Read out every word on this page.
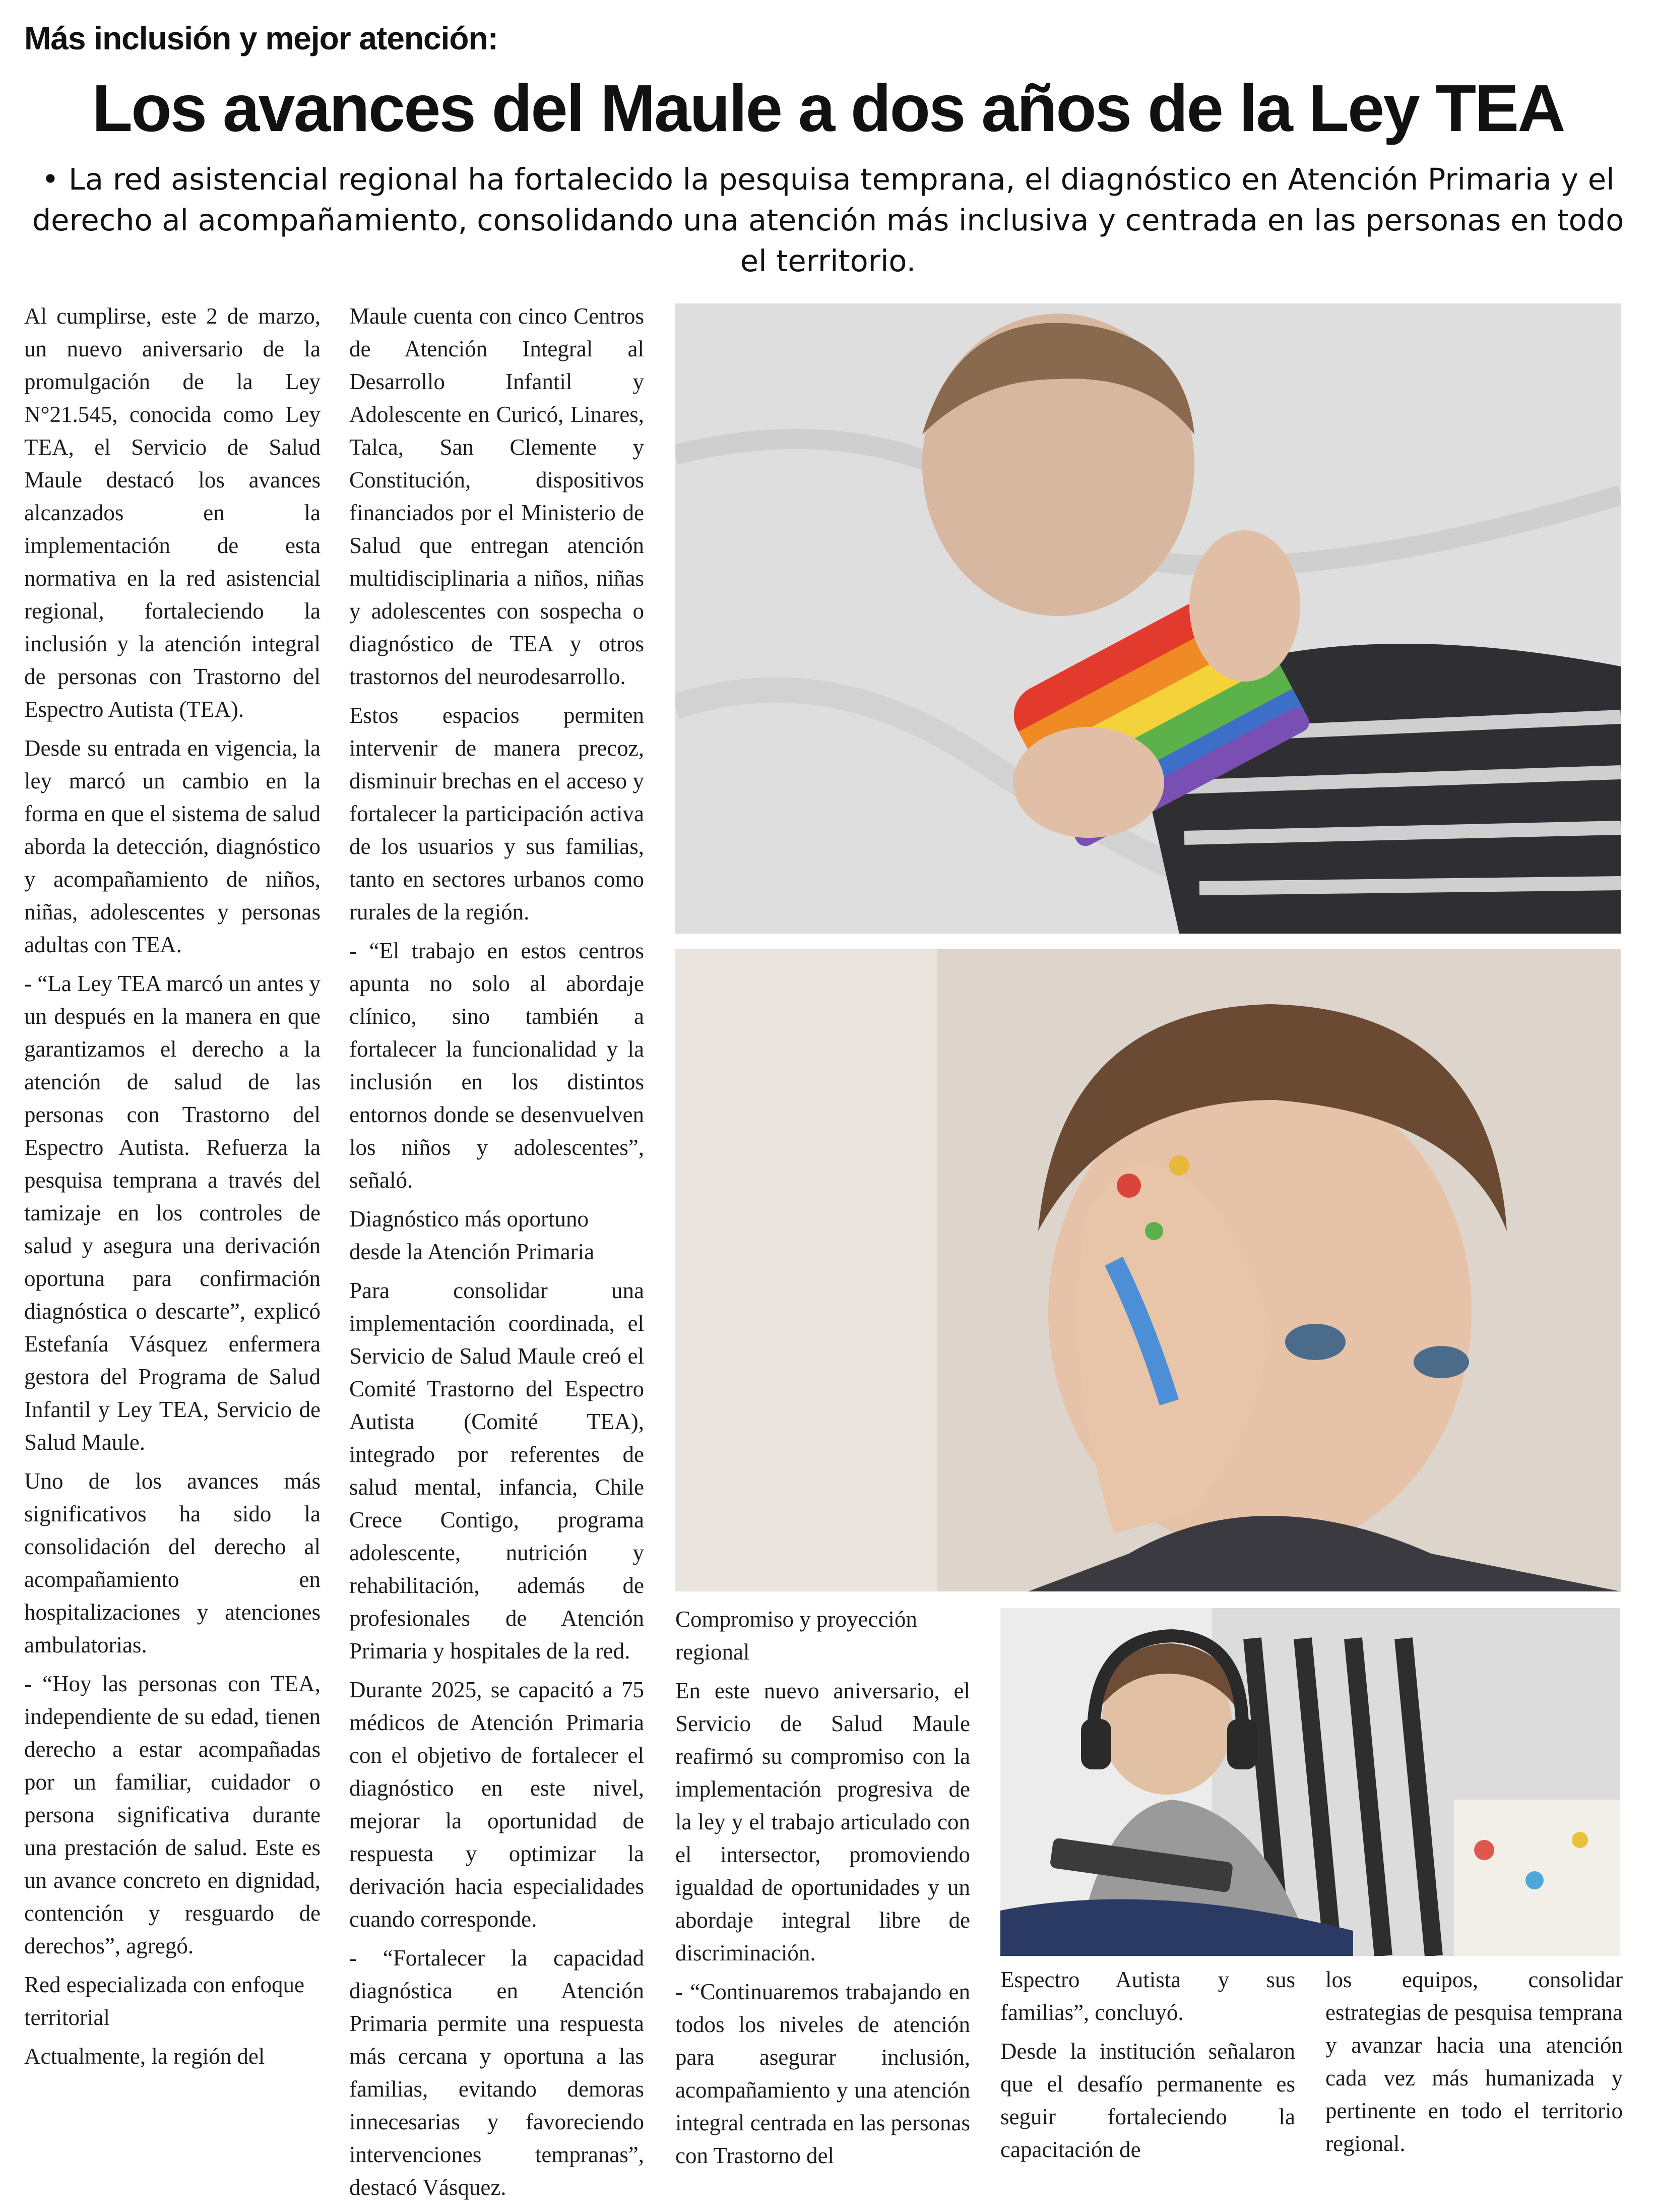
Más inclusión y mejor atención:
Los avances del Maule a dos años de la Ley TEA
• La red asistencial regional ha fortalecido la pesquisa temprana, el diagnóstico en Atención Primaria y el derecho al acompañamiento, consolidando una atención más inclusiva y centrada en las personas en todo el territorio.

Al cumplirse, este 2 de marzo, un nuevo aniversario de la promulgación de la Ley N°21.545, conocida como Ley TEA, el Servicio de Salud Maule destacó los avances alcanzados en la implementación de esta normativa en la red asistencial regional, fortaleciendo la inclusión y la atención integral de personas con Trastorno del Espectro Autista (TEA).

Desde su entrada en vigencia, la ley marcó un cambio en la forma en que el sistema de salud aborda la detección, diagnóstico y acompañamiento de niños, niñas, adolescentes y personas adultas con TEA.

- “La Ley TEA marcó un antes y un después en la manera en que garantizamos el derecho a la atención de salud de las personas con Trastorno del Espectro Autista. Refuerza la pesquisa temprana a través del tamizaje en los controles de salud y asegura una derivación oportuna para confirmación diagnóstica o descarte”, explicó Estefanía Vásquez enfermera gestora del Programa de Salud Infantil y Ley TEA, Servicio de Salud Maule.

Uno de los avances más significativos ha sido la consolidación del derecho al acompañamiento en hospitalizaciones y atenciones ambulatorias.

- “Hoy las personas con TEA, independiente de su edad, tienen derecho a estar acompañadas por un familiar, cuidador o persona significativa durante una prestación de salud. Este es un avance concreto en dignidad, contención y resguardo de derechos”, agregó.

Red especializada con enfoque territorial

Actualmente, la región del

Maule cuenta con cinco Centros de Atención Integral al Desarrollo Infantil y Adolescente en Curicó, Linares, Talca, San Clemente y Constitución, dispositivos financiados por el Ministerio de Salud que entregan atención multidisciplinaria a niños, niñas y adolescentes con sospecha o diagnóstico de TEA y otros trastornos del neurodesarrollo.

Estos espacios permiten intervenir de manera precoz, disminuir brechas en el acceso y fortalecer la participación activa de los usuarios y sus familias, tanto en sectores urbanos como rurales de la región.

- “El trabajo en estos centros apunta no solo al abordaje clínico, sino también a fortalecer la funcionalidad y la inclusión en los distintos entornos donde se desenvuelven los niños y adolescentes”, señaló.

Diagnóstico más oportuno desde la Atención Primaria

Para consolidar una implementación coordinada, el Servicio de Salud Maule creó el Comité Trastorno del Espectro Autista (Comité TEA), integrado por referentes de salud mental, infancia, Chile Crece Contigo, programa adolescente, nutrición y rehabilitación, además de profesionales de Atención Primaria y hospitales de la red.

Durante 2025, se capacitó a 75 médicos de Atención Primaria con el objetivo de fortalecer el diagnóstico en este nivel, mejorar la oportunidad de respuesta y optimizar la derivación hacia especialidades cuando corresponde.

- “Fortalecer la capacidad diagnóstica en Atención Primaria permite una respuesta más cercana y oportuna a las familias, evitando demoras innecesarias y favoreciendo intervenciones tempranas”, destacó Vásquez.

Compromiso y proyección regional

En este nuevo aniversario, el Servicio de Salud Maule reafirmó su compromiso con la implementación progresiva de la ley y el trabajo articulado con el intersector, promoviendo igualdad de oportunidades y un abordaje integral libre de discriminación.

- “Continuaremos trabajando en todos los niveles de atención para asegurar inclusión, acompañamiento y una atención integral centrada en las personas con Trastorno del

Espectro Autista y sus familias”, concluyó.

Desde la institución señalaron que el desafío permanente es seguir fortaleciendo la capacitación de

los equipos, consolidar estrategias de pesquisa temprana y avanzar hacia una atención cada vez más humanizada y pertinente en todo el territorio regional.
